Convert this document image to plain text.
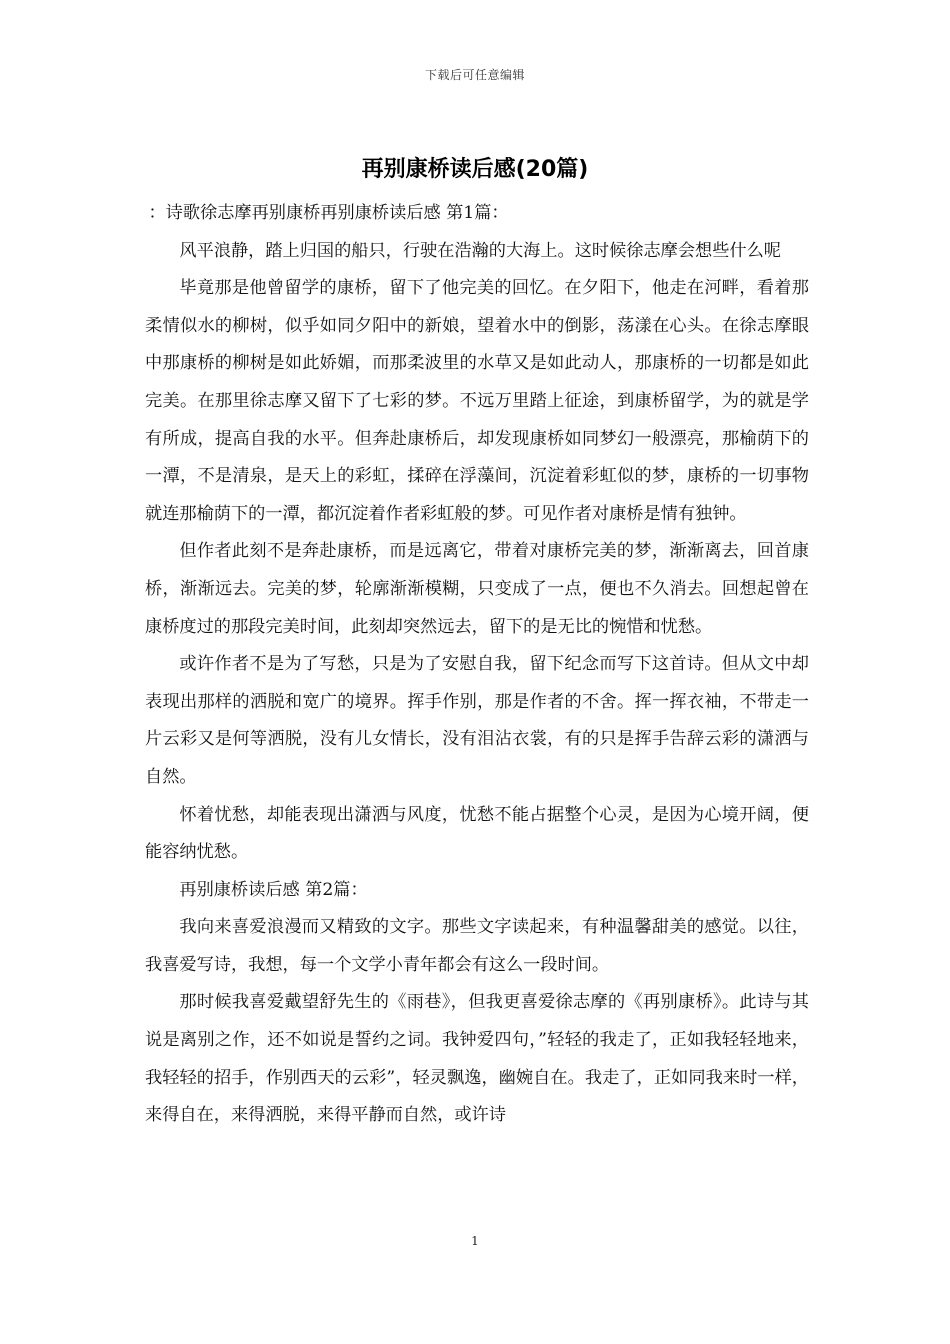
下载后可任意编辑
再别康桥读后感(20篇)

：诗歌徐志摩再别康桥再别康桥读后感 第1篇：

风平浪静，踏上归国的船只，行驶在浩瀚的大海上。这时候徐志摩会想些什么呢

毕竟那是他曾留学的康桥，留下了他完美的回忆。在夕阳下，他走在河畔，看着那柔情似水的柳树，似乎如同夕阳中的新娘，望着水中的倒影，荡漾在心头。在徐志摩眼中那康桥的柳树是如此娇媚，而那柔波里的水草又是如此动人，那康桥的一切都是如此完美。在那里徐志摩又留下了七彩的梦。不远万里踏上征途，到康桥留学，为的就是学有所成，提高自我的水平。但奔赴康桥后，却发现康桥如同梦幻一般漂亮，那榆荫下的一潭，不是清泉，是天上的彩虹，揉碎在浮藻间，沉淀着彩虹似的梦，康桥的一切事物就连那榆荫下的一潭，都沉淀着作者彩虹般的梦。可见作者对康桥是情有独钟。

但作者此刻不是奔赴康桥，而是远离它，带着对康桥完美的梦，渐渐离去，回首康桥，渐渐远去。完美的梦，轮廓渐渐模糊，只变成了一点，便也不久消去。回想起曾在康桥度过的那段完美时间，此刻却突然远去，留下的是无比的惋惜和忧愁。

或许作者不是为了写愁，只是为了安慰自我，留下纪念而写下这首诗。但从文中却表现出那样的洒脱和宽广的境界。挥手作别，那是作者的不舍。挥一挥衣袖，不带走一片云彩又是何等洒脱，没有儿女情长，没有泪沾衣裳，有的只是挥手告辞云彩的潇洒与自然。

怀着忧愁，却能表现出潇洒与风度，忧愁不能占据整个心灵，是因为心境开阔，便能容纳忧愁。

再别康桥读后感 第2篇：

我向来喜爱浪漫而又精致的文字。那些文字读起来，有种温馨甜美的感觉。以往，我喜爱写诗，我想，每一个文学小青年都会有这么一段时间。

那时候我喜爱戴望舒先生的《雨巷》，但我更喜爱徐志摩的《再别康桥》。此诗与其说是离别之作，还不如说是誓约之词。我钟爱四句，”轻轻的我走了，正如我轻轻地来，我轻轻的招手，作别西天的云彩”，轻灵飘逸，幽婉自在。我走了，正如同我来时一样，来得自在，来得洒脱，来得平静而自然，或许诗

1
